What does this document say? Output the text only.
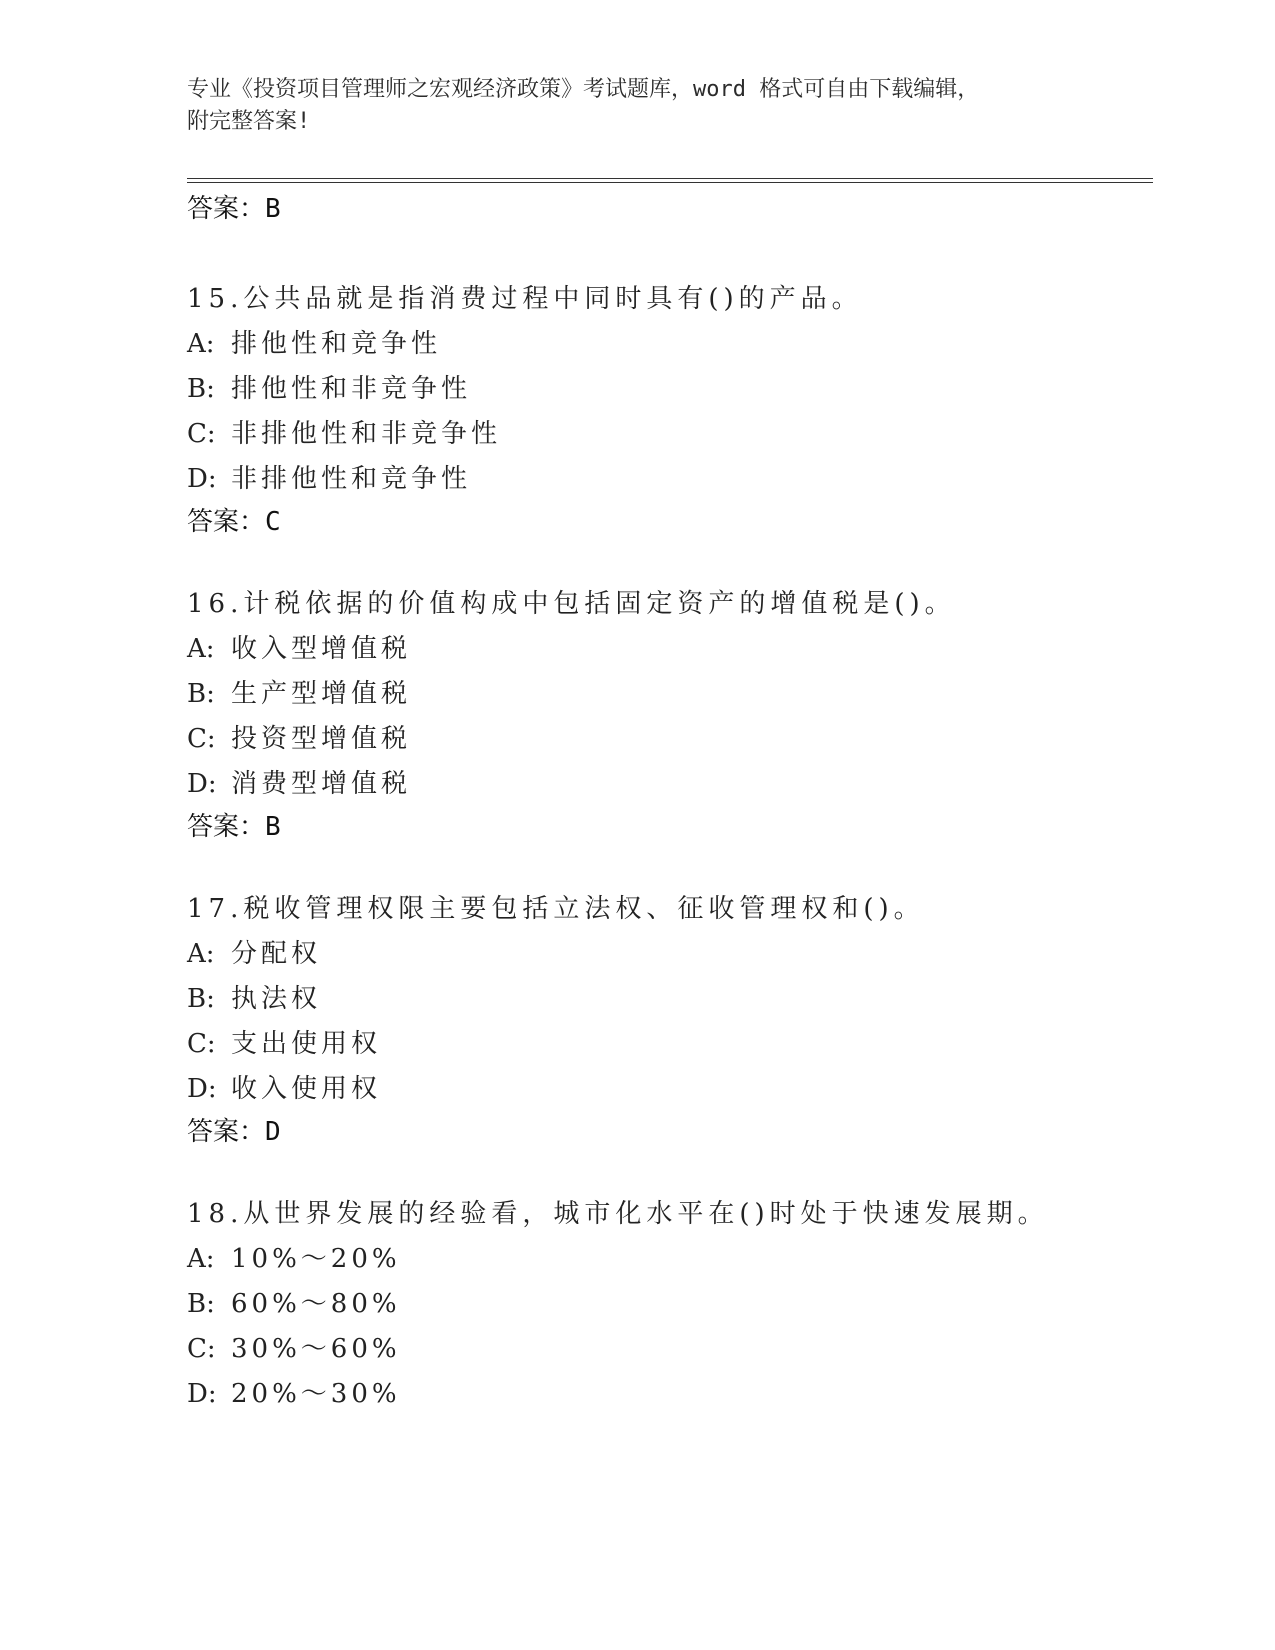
专业《投资项目管理师之宏观经济政策》考试题库，word 格式可自由下载编辑，
附完整答案!
答案：B
15.公共品就是指消费过程中同时具有()的产品。
A: 排他性和竞争性
B: 排他性和非竞争性
C: 非排他性和非竞争性
D: 非排他性和竞争性
答案：C
16.计税依据的价值构成中包括固定资产的增值税是()。
A: 收入型增值税
B: 生产型增值税
C: 投资型增值税
D: 消费型增值税
答案：B
17.税收管理权限主要包括立法权、征收管理权和()。
A: 分配权
B: 执法权
C: 支出使用权
D: 收入使用权
答案：D
18.从世界发展的经验看，城市化水平在()时处于快速发展期。
A: 10%～20%
B: 60%～80%
C: 30%～60%
D: 20%～30%
